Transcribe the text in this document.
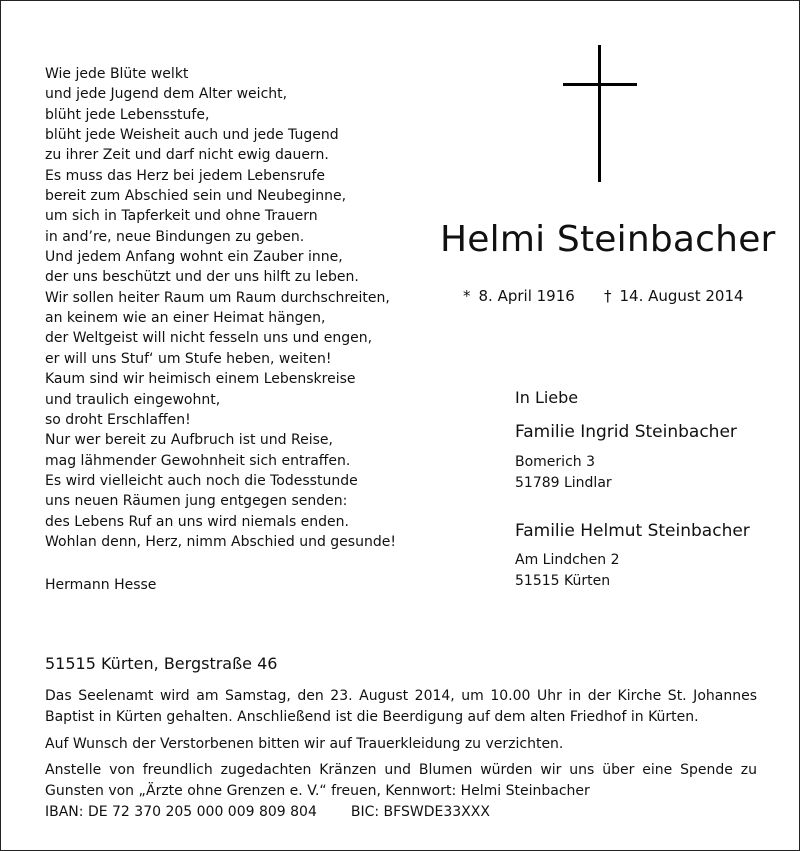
Wie jede Blüte welkt
und jede Jugend dem Alter weicht,
blüht jede Lebensstufe,
blüht jede Weisheit auch und jede Tugend
zu ihrer Zeit und darf nicht ewig dauern.
Es muss das Herz bei jedem Lebensrufe
bereit zum Abschied sein und Neubeginne,
um sich in Tapferkeit und ohne Trauern
in and’re, neue Bindungen zu geben.
Und jedem Anfang wohnt ein Zauber inne,
der uns beschützt und der uns hilft zu leben.
Wir sollen heiter Raum um Raum durchschreiten,
an keinem wie an einer Heimat hängen,
der Weltgeist will nicht fesseln uns und engen,
er will uns Stuf‘ um Stufe heben, weiten!
Kaum sind wir heimisch einem Lebenskreise
und traulich eingewohnt,
so droht Erschlaffen!
Nur wer bereit zu Aufbruch ist und Reise,
mag lähmender Gewohnheit sich entraffen.
Es wird vielleicht auch noch die Todesstunde
uns neuen Räumen jung entgegen senden:
des Lebens Ruf an uns wird niemals enden.
Wohlan denn, Herz, nimm Abschied und gesunde!
Hermann Hesse
Helmi Steinbacher
* 8. April 1916 † 14. August 2014
In Liebe
Familie Ingrid Steinbacher
Bomerich 3
51789 Lindlar
Familie Helmut Steinbacher
Am Lindchen 2
51515 Kürten
51515 Kürten, Bergstraße 46

Das Seelenamt wird am Samstag, den 23. August 2014, um 10.00 Uhr in der Kirche St. Johannes Baptist in Kürten gehalten. Anschließend ist die Beerdigung auf dem alten Friedhof in Kürten.

Auf Wunsch der Verstorbenen bitten wir auf Trauerkleidung zu verzichten.

Anstelle von freundlich zugedachten Kränzen und Blumen würden wir uns über eine Spende zu Gunsten von „Ärzte ohne Grenzen e. V.“ freuen, Kennwort: Helmi Steinbacher

IBAN: DE 72 370 205 000 009 809 804 BIC: BFSWDE33XXX
